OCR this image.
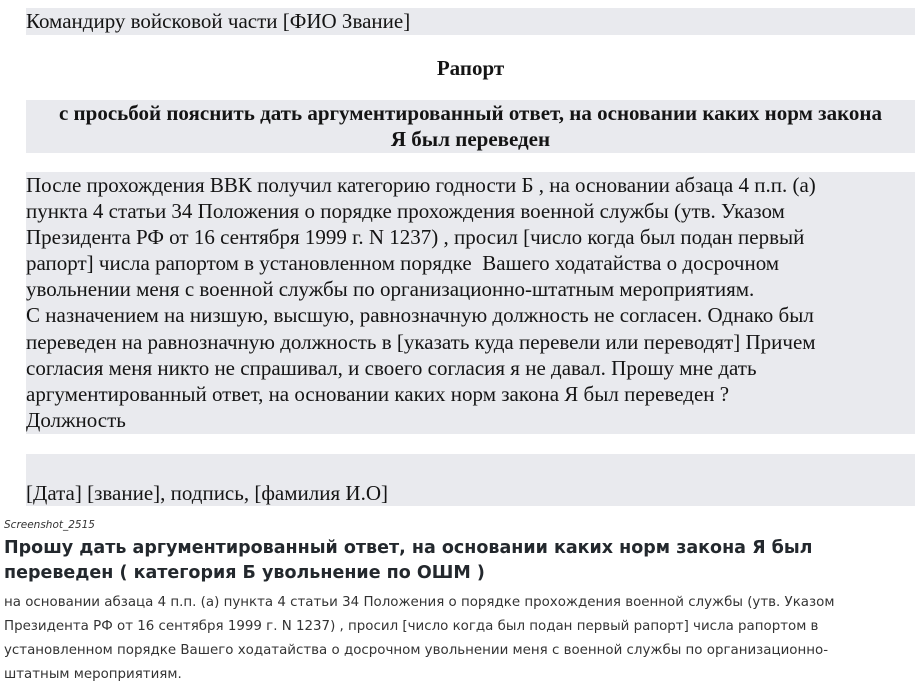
Командиру войсковой части [ФИО Звание]
Рапорт
с просьбой пояснить дать аргументированный ответ, на основании каких норм закона
Я был переведен

После прохождения ВВК получил категорию годности Б , на основании абзаца 4 п.п. (а)

пункта 4 статьи 34 Положения о порядке прохождения военной службы (утв. Указом

Президента РФ от 16 сентября 1999 г. N 1237) , просил [число когда был подан первый

рапорт] числа рапортом в установленном порядке  Вашего ходатайства о досрочном

увольнении меня с военной службы по организационно-штатным мероприятиям.

С назначением на низшую, высшую, равнозначную должность не согласен. Однако был

переведен на равнозначную должность в [указать куда перевели или переводят] Причем

согласия меня никто не спрашивал, и своего согласия я не давал. Прошу мне дать

аргументированный ответ, на основании каких норм закона Я был переведен ?

Должность

[Дата] [звание], подпись, [фамилия И.О]
Screenshot_2515
Прошу дать аргументированный ответ, на основании каких норм закона Я был переведен ( категория Б увольнение по ОШМ )

на основании абзаца 4 п.п. (а) пункта 4 статьи 34 Положения о порядке прохождения военной службы (утв. Указом Президента РФ от 16 сентября 1999 г. N 1237) , просил [число когда был подан первый рапорт] числа рапортом в установленном порядке Вашего ходатайства о досрочном увольнении меня с военной службы по организационно-штатным мероприятиям.
